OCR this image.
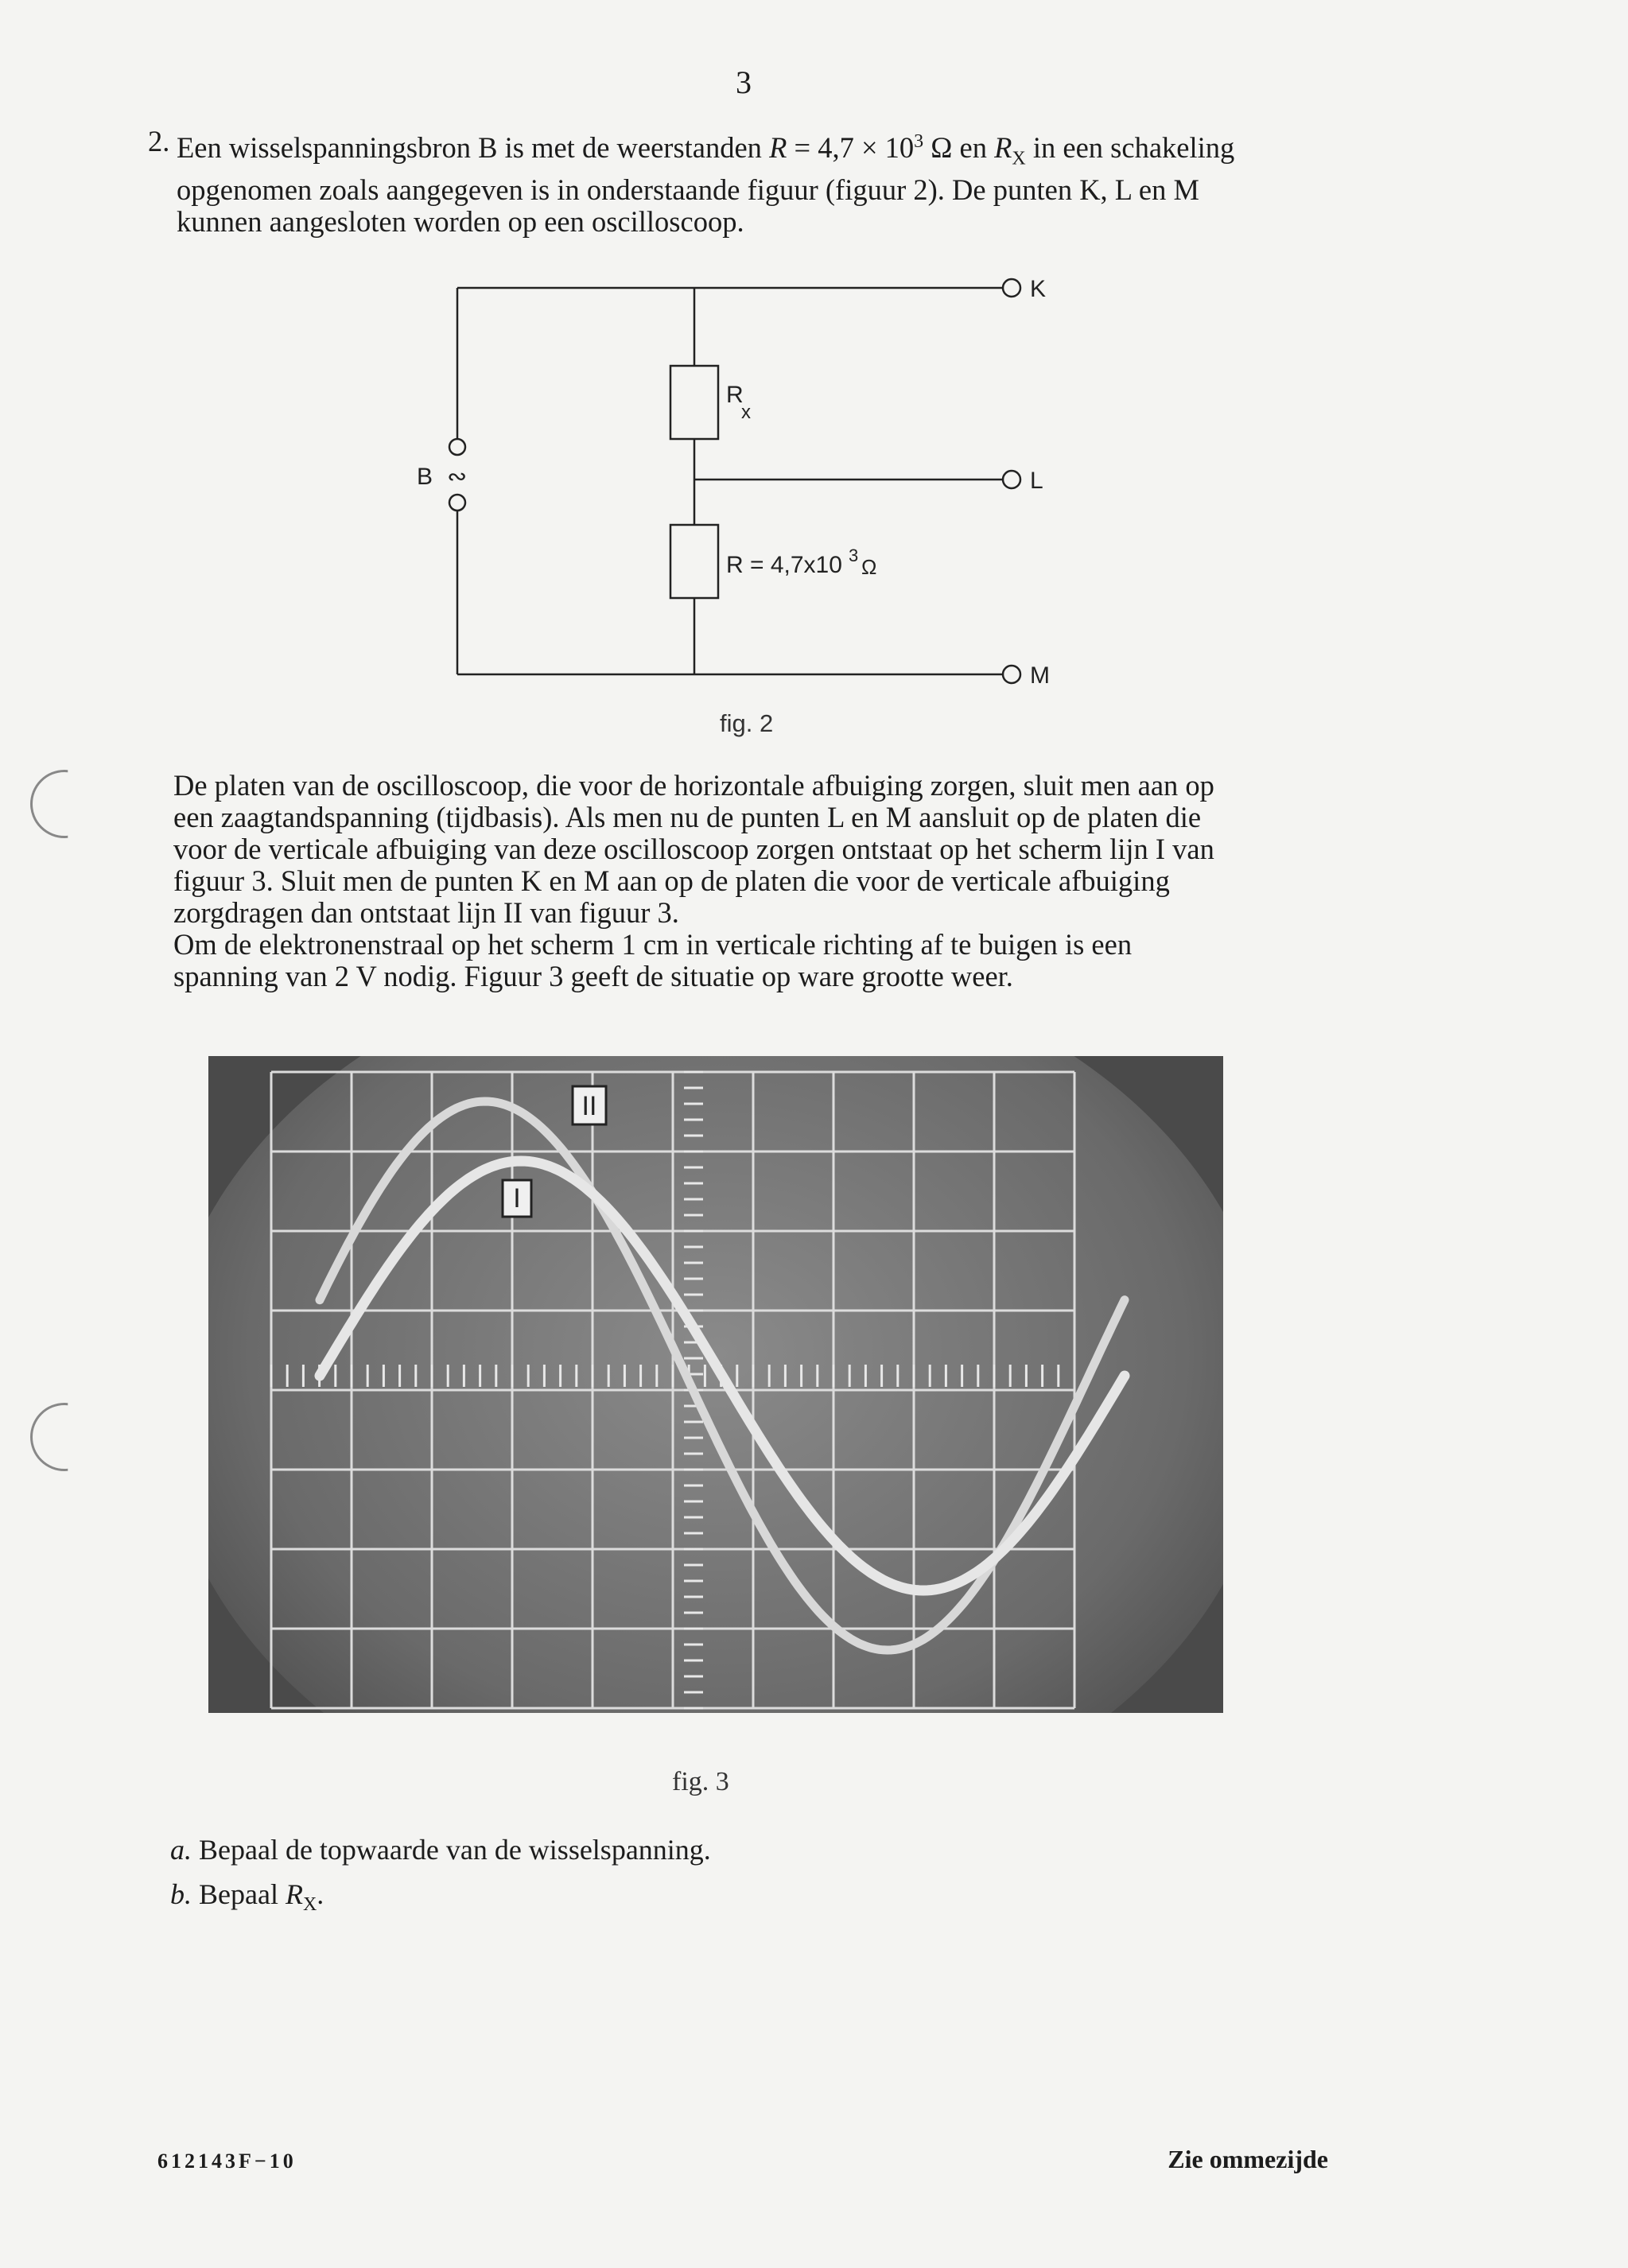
3
2. Een wisselspanningsbron B is met de weerstanden $R = 4,7 \times 10^3$ Ω en $R_X$ in een schakeling
opgenomen zoals aangegeven is in onderstaande figuur (figuur 2). De punten K, L en M
kunnen aangesloten worden op een oscilloscoop.
K
L
M
B ∾
R
x
R = 4,7x10 3 Ω
fig. 2
De platen van de oscilloscoop, die voor de horizontale afbuiging zorgen, sluit men aan op
een zaagtandspanning (tijdbasis). Als men nu de punten L en M aansluit op de platen die
voor de verticale afbuiging van deze oscilloscoop zorgen ontstaat op het scherm lijn I van
figuur 3. Sluit men de punten K en M aan op de platen die voor de verticale afbuiging
zorgdragen dan ontstaat lijn II van figuur 3.
Om de elektronenstraal op het scherm 1 cm in verticale richting af te buigen is een
spanning van 2 V nodig. Figuur 3 geeft de situatie op ware grootte weer.
II
I
fig. 3
a. Bepaal de topwaarde van de wisselspanning.
b. Bepaal $R_X$.
612143F−10	Zie ommezijde
